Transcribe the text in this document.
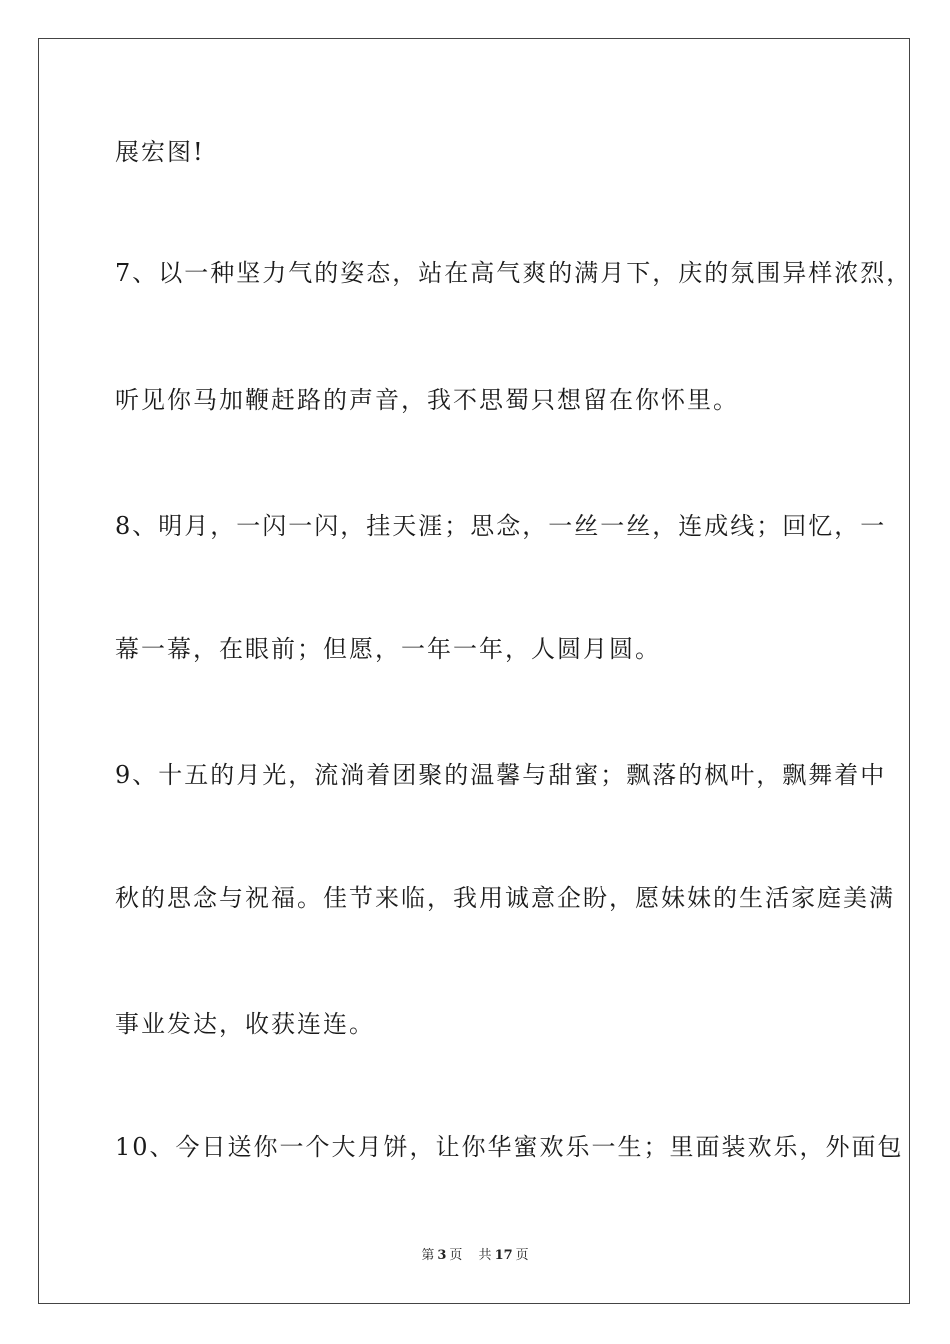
展宏图!
7、以一种坚力气的姿态，站在高气爽的满月下，庆的氛围异样浓烈，
听见你马加鞭赶路的声音，我不思蜀只想留在你怀里。
8、明月，一闪一闪，挂天涯；思念，一丝一丝，连成线；回忆，一
幕一幕，在眼前；但愿，一年一年，人圆月圆。
9、十五的月光，流淌着团聚的温馨与甜蜜；飘落的枫叶，飘舞着中
秋的思念与祝福。佳节来临，我用诚意企盼，愿妹妹的生活家庭美满
事业发达，收获连连。
10、今日送你一个大月饼，让你华蜜欢乐一生；里面装欢乐，外面包
第 3 页 共 17 页
